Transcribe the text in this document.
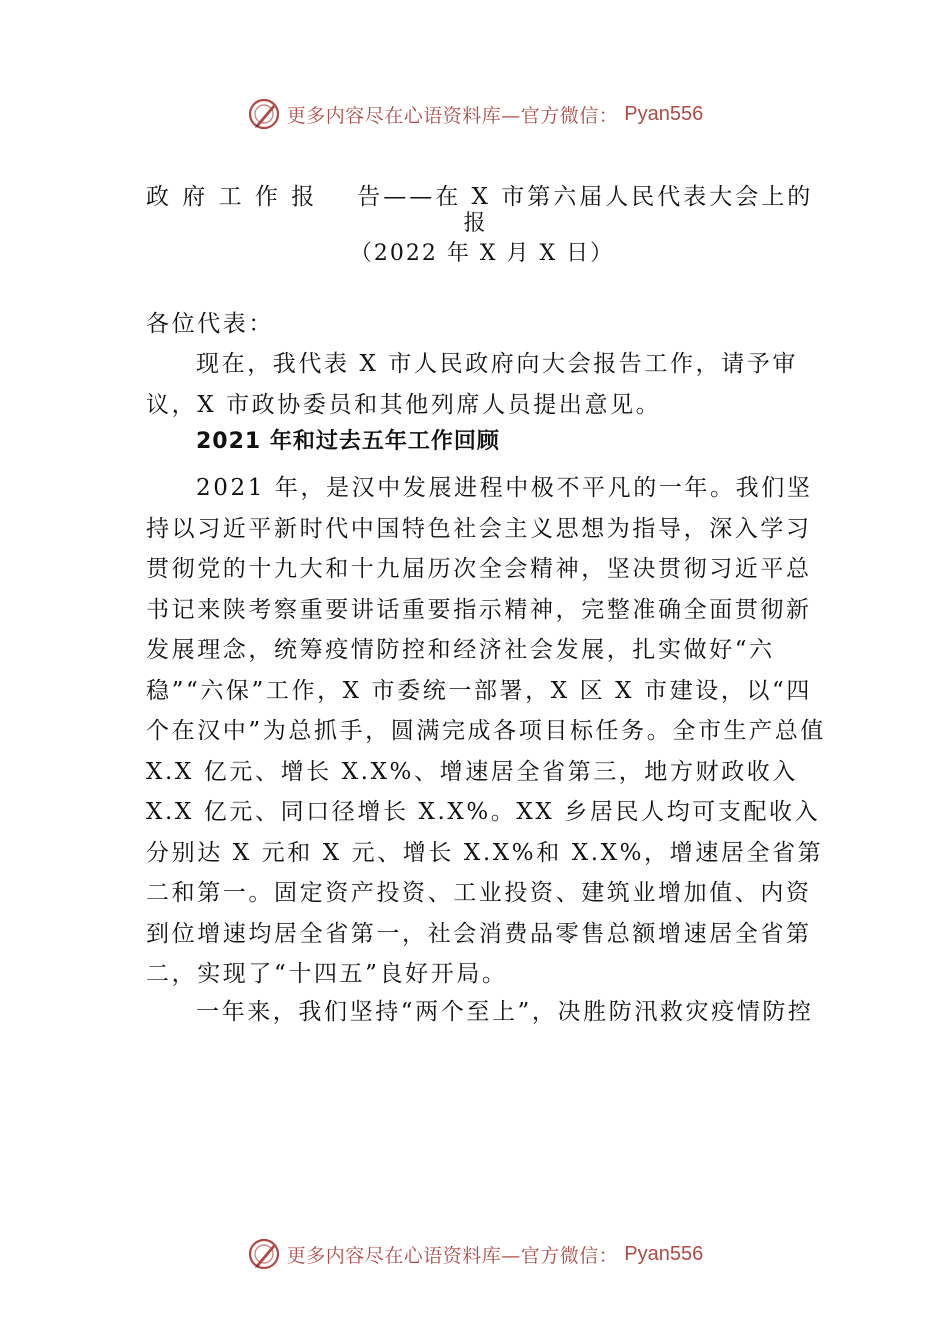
更多内容尽在心语资料库—官方微信： Pyan556
政 府 工 作 报 告——在 X 市第六届人民代表大会上的
报
（2022 年 X 月 X 日）

各位代表：

现在，我代表 X 市人民政府向大会报告工作，请予审议，X 市政协委员和其他列席人员提出意见。

2021 年和过去五年工作回顾

2021 年，是汉中发展进程中极不平凡的一年。我们坚持以习近平新时代中国特色社会主义思想为指导，深入学习贯彻党的十九大和十九届历次全会精神，坚决贯彻习近平总书记来陕考察重要讲话重要指示精神，完整准确全面贯彻新发展理念，统筹疫情防控和经济社会发展，扎实做好“六稳”“六保”工作，X 市委统一部署，X 区 X 市建设，以“四个在汉中”为总抓手，圆满完成各项目标任务。全市生产总值 X.X 亿元、增长 X.X%、增速居全省第三，地方财政收入 X.X 亿元、同口径增长 X.X%。XX 乡居民人均可支配收入分别达 X 元和 X 元、增长 X.X%和 X.X%，增速居全省第二和第一。固定资产投资、工业投资、建筑业增加值、内资到位增速均居全省第一，社会消费品零售总额增速居全省第二，实现了“十四五”良好开局。

一年来，我们坚持“两个至上”，决胜防汛救灾疫情防控

更多内容尽在心语资料库—官方微信： Pyan556
